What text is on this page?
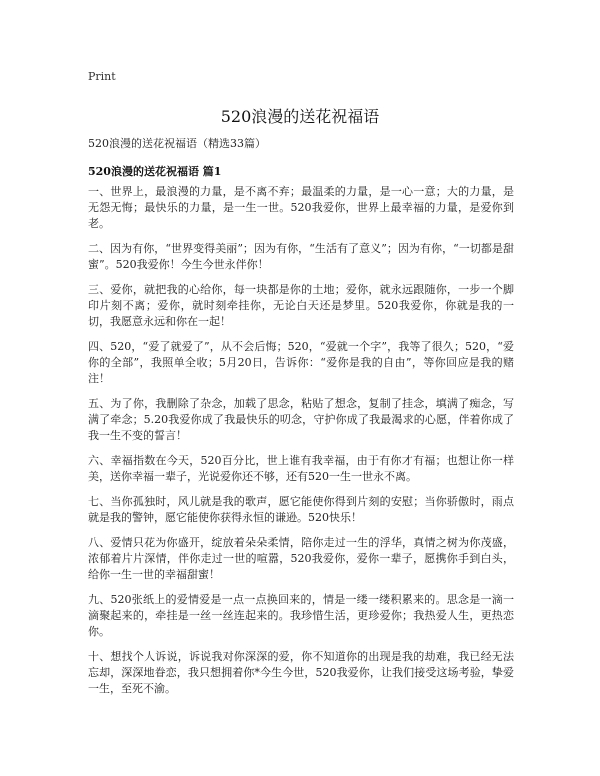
Print
520浪漫的送花祝福语
520浪漫的送花祝福语（精选33篇）
520浪漫的送花祝福语 篇1

一、世界上，最浪漫的力量，是不离不弃；最温柔的力量，是一心一意；大的力量，是无怨无悔；最快乐的力量，是一生一世。520我爱你，世界上最幸福的力量，是爱你到老。

二、因为有你，“世界变得美丽”；因为有你，“生活有了意义”；因为有你，“一切都是甜蜜”。520我爱你！今生今世永伴你！

三、爱你，就把我的心给你，每一块都是你的土地；爱你，就永远跟随你，一步一个脚印片刻不离；爱你，就时刻牵挂你，无论白天还是梦里。520我爱你，你就是我的一切，我愿意永远和你在一起！

四、520，“爱了就爱了”，从不会后悔；520，“爱就一个字”，我等了很久；520，“爱你的全部”，我照单全收；5月20日，告诉你：“爱你是我的自由”，等你回应是我的赌注！

五、为了你，我删除了杂念，加载了思念，粘贴了想念，复制了挂念，填满了痴念，写满了牵念；5.20我爱你成了我最快乐的叨念，守护你成了我最渴求的心愿，伴着你成了我一生不变的誓言！

六、幸福指数在今天，520百分比，世上谁有我幸福，由于有你才有福；也想让你一样美，送你幸福一辈子，光说爱你还不够，还有520一生一世永不离。

七、当你孤独时，风儿就是我的歌声，愿它能使你得到片刻的安慰；当你骄傲时，雨点就是我的警钟，愿它能使你获得永恒的谦逊。520快乐！

八、爱情只花为你盛开，绽放着朵朵柔情，陪你走过一生的浮华，真情之树为你茂盛，浓郁着片片深情，伴你走过一世的喧嚣，520我爱你，爱你一辈子，愿携你手到白头，给你一生一世的幸福甜蜜！

九、520张纸上的爱情爱是一点一点换回来的，情是一缕一缕积累来的。思念是一滴一滴聚起来的，牵挂是一丝一丝连起来的。我珍惜生活，更珍爱你；我热爱人生，更热恋你。

十、想找个人诉说，诉说我对你深深的爱，你不知道你的出现是我的劫难，我已经无法忘却，深深地眷恋，我只想拥着你*今生今世，520我爱你，让我们接受这场考验，挚爱一生，至死不渝。
